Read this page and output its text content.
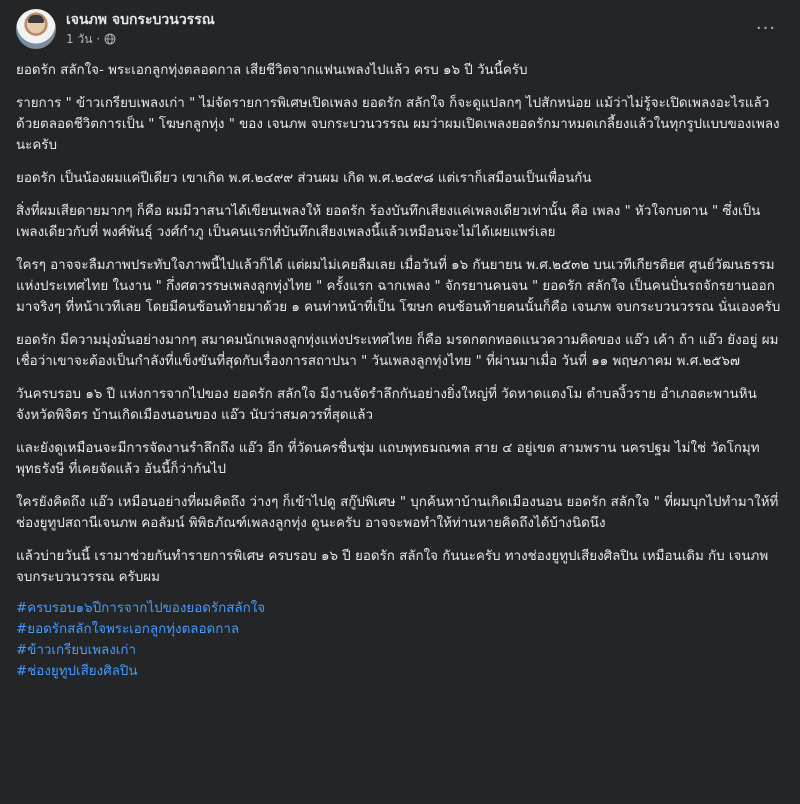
เจนภพ จบกระบวนวรรณ
1 วัน ·
···

ยอดรัก สลักใจ- พระเอกลูกทุ่งตลอดกาล เสียชีวิตจากแฟนเพลงไปแล้ว ครบ ๑๖ ปี วันนี้ครับ

รายการ " ข้าวเกรียบเพลงเก่า " ไม่จัดรายการพิเศษเปิดเพลง ยอดรัก สลักใจ ก็จะดูแปลกๆ ไปสักหน่อย แม้ว่าไม่รู้จะเปิดเพลงอะไรแล้ว ด้วยตลอดชีวิตการเป็น " โฆษกลูกทุ่ง " ของ เจนภพ จบกระบวนวรรณ ผมว่าผมเปิดเพลงยอดรักมาหมดเกลี้ยงแล้วในทุกรูปแบบของเพลงนะครับ

ยอดรัก เป็นน้องผมแค่ปีเดียว เขาเกิด พ.ศ.๒๔๙๙ ส่วนผม เกิด พ.ศ.๒๔๙๘ แต่เราก็เสมือนเป็นเพื่อนกัน

สิ่งที่ผมเสียดายมากๆ ก็คือ ผมมีวาสนาได้เขียนเพลงให้ ยอดรัก ร้องบันทึกเสียงแค่เพลงเดียวเท่านั้น คือ เพลง " หัวใจกบดาน " ซึ่งเป็นเพลงเดียวกับที่ พงศ์พันธ์ุ วงศ์กำภู เป็นคนแรกที่บันทึกเสียงเพลงนี้แล้วเหมือนจะไม่ได้เผยแพร่เลย

ใครๆ อาจจะลืมภาพประทับใจภาพนี้ไปแล้วก็ได้ แต่ผมไม่เคยลืมเลย เมื่อวันที่ ๑๖ กันยายน พ.ศ.๒๕๓๒ บนเวทีเกียรติยศ ศูนย์วัฒนธรรมแห่งประเทศไทย ในงาน " กึ่งศตวรรษเพลงลูกทุ่งไทย " ครั้งแรก ฉากเพลง " จักรยานคนจน " ยอดรัก สลักใจ เป็นคนปั่นรถจักรยานออกมาจริงๆ ที่หน้าเวทีเลย โดยมีคนซ้อนท้ายมาด้วย ๑ คนท่าหน้าที่เป็น โฆษก คนซ้อนท้ายคนนั้นก็คือ เจนภพ จบกระบวนวรรณ นั่นเองครับ

ยอดรัก มีความมุ่งมั่นอย่างมากๆ สมาคมนักเพลงลูกทุ่งแห่งประเทศไทย ก็คือ มรดกตกทอดแนวความคิดของ แอ๊ว เค้า ถ้า แอ๊ว ยังอยู่ ผมเชื่อว่าเขาจะต้องเป็นกำลังที่แข็งขันที่สุดกับเรื่องการสถาปนา " วันเพลงลูกทุ่งไทย " ที่ผ่านมาเมื่อ วันที่ ๑๑ พฤษภาคม พ.ศ.๒๕๖๗

วันครบรอบ ๑๖ ปี แห่งการจากไปของ ยอดรัก สลักใจ มีงานจัดรำลึกกันอย่างยิ่งใหญ่ที่ วัดหาดแตงโม ตำบลงิ้วราย อำเภอตะพานหิน จังหวัดพิจิตร บ้านเกิดเมืองนอนของ แอ๊ว นับว่าสมควรที่สุดแล้ว

และยังดูเหมือนจะมีการจัดงานรำลึกถึง แอ๊ว อีก ที่วัดนครชื่นชุ่ม แถบพุทธมณฑล สาย ๔ อยู่เขต สามพราน นครปฐม ไม่ใช่ วัดโกมุทพุทธรังษี ที่เคยจัดแล้ว อันนี้ก็ว่ากันไป

ใครยังคิดถึง แอ๊ว เหมือนอย่างที่ผมคิดถึง ว่างๆ ก็เข้าไปดู สกู๊ปพิเศษ " บุกค้นหาบ้านเกิดเมืองนอน ยอดรัก สลักใจ " ที่ผมบุกไปทำมาให้ที่ ช่องยูทูปสถานีเจนภพ คอลัมน์ พิพิธภัณฑ์เพลงลูกทุ่ง ดูนะครับ อาจจะพอทำให้ท่านหายคิดถึงได้บ้างนิดนึง

แล้วบ่ายวันนี้ เรามาช่วยกันทำรายการพิเศษ ครบรอบ ๑๖ ปี ยอดรัก สลักใจ กันนะครับ ทางช่องยูทูปเสียงศิลปิน เหมือนเดิม กับ เจนภพ จบกระบวนวรรณ ครับผม

#ครบรอบ๑๖ปีการจากไปของยอดรักสลักใจ
#ยอดรักสลักใจพระเอกลูกทุ่งตลอดกาล
#ข้าวเกรียบเพลงเก่า
#ช่องยูทูปเสียงศิลปิน
